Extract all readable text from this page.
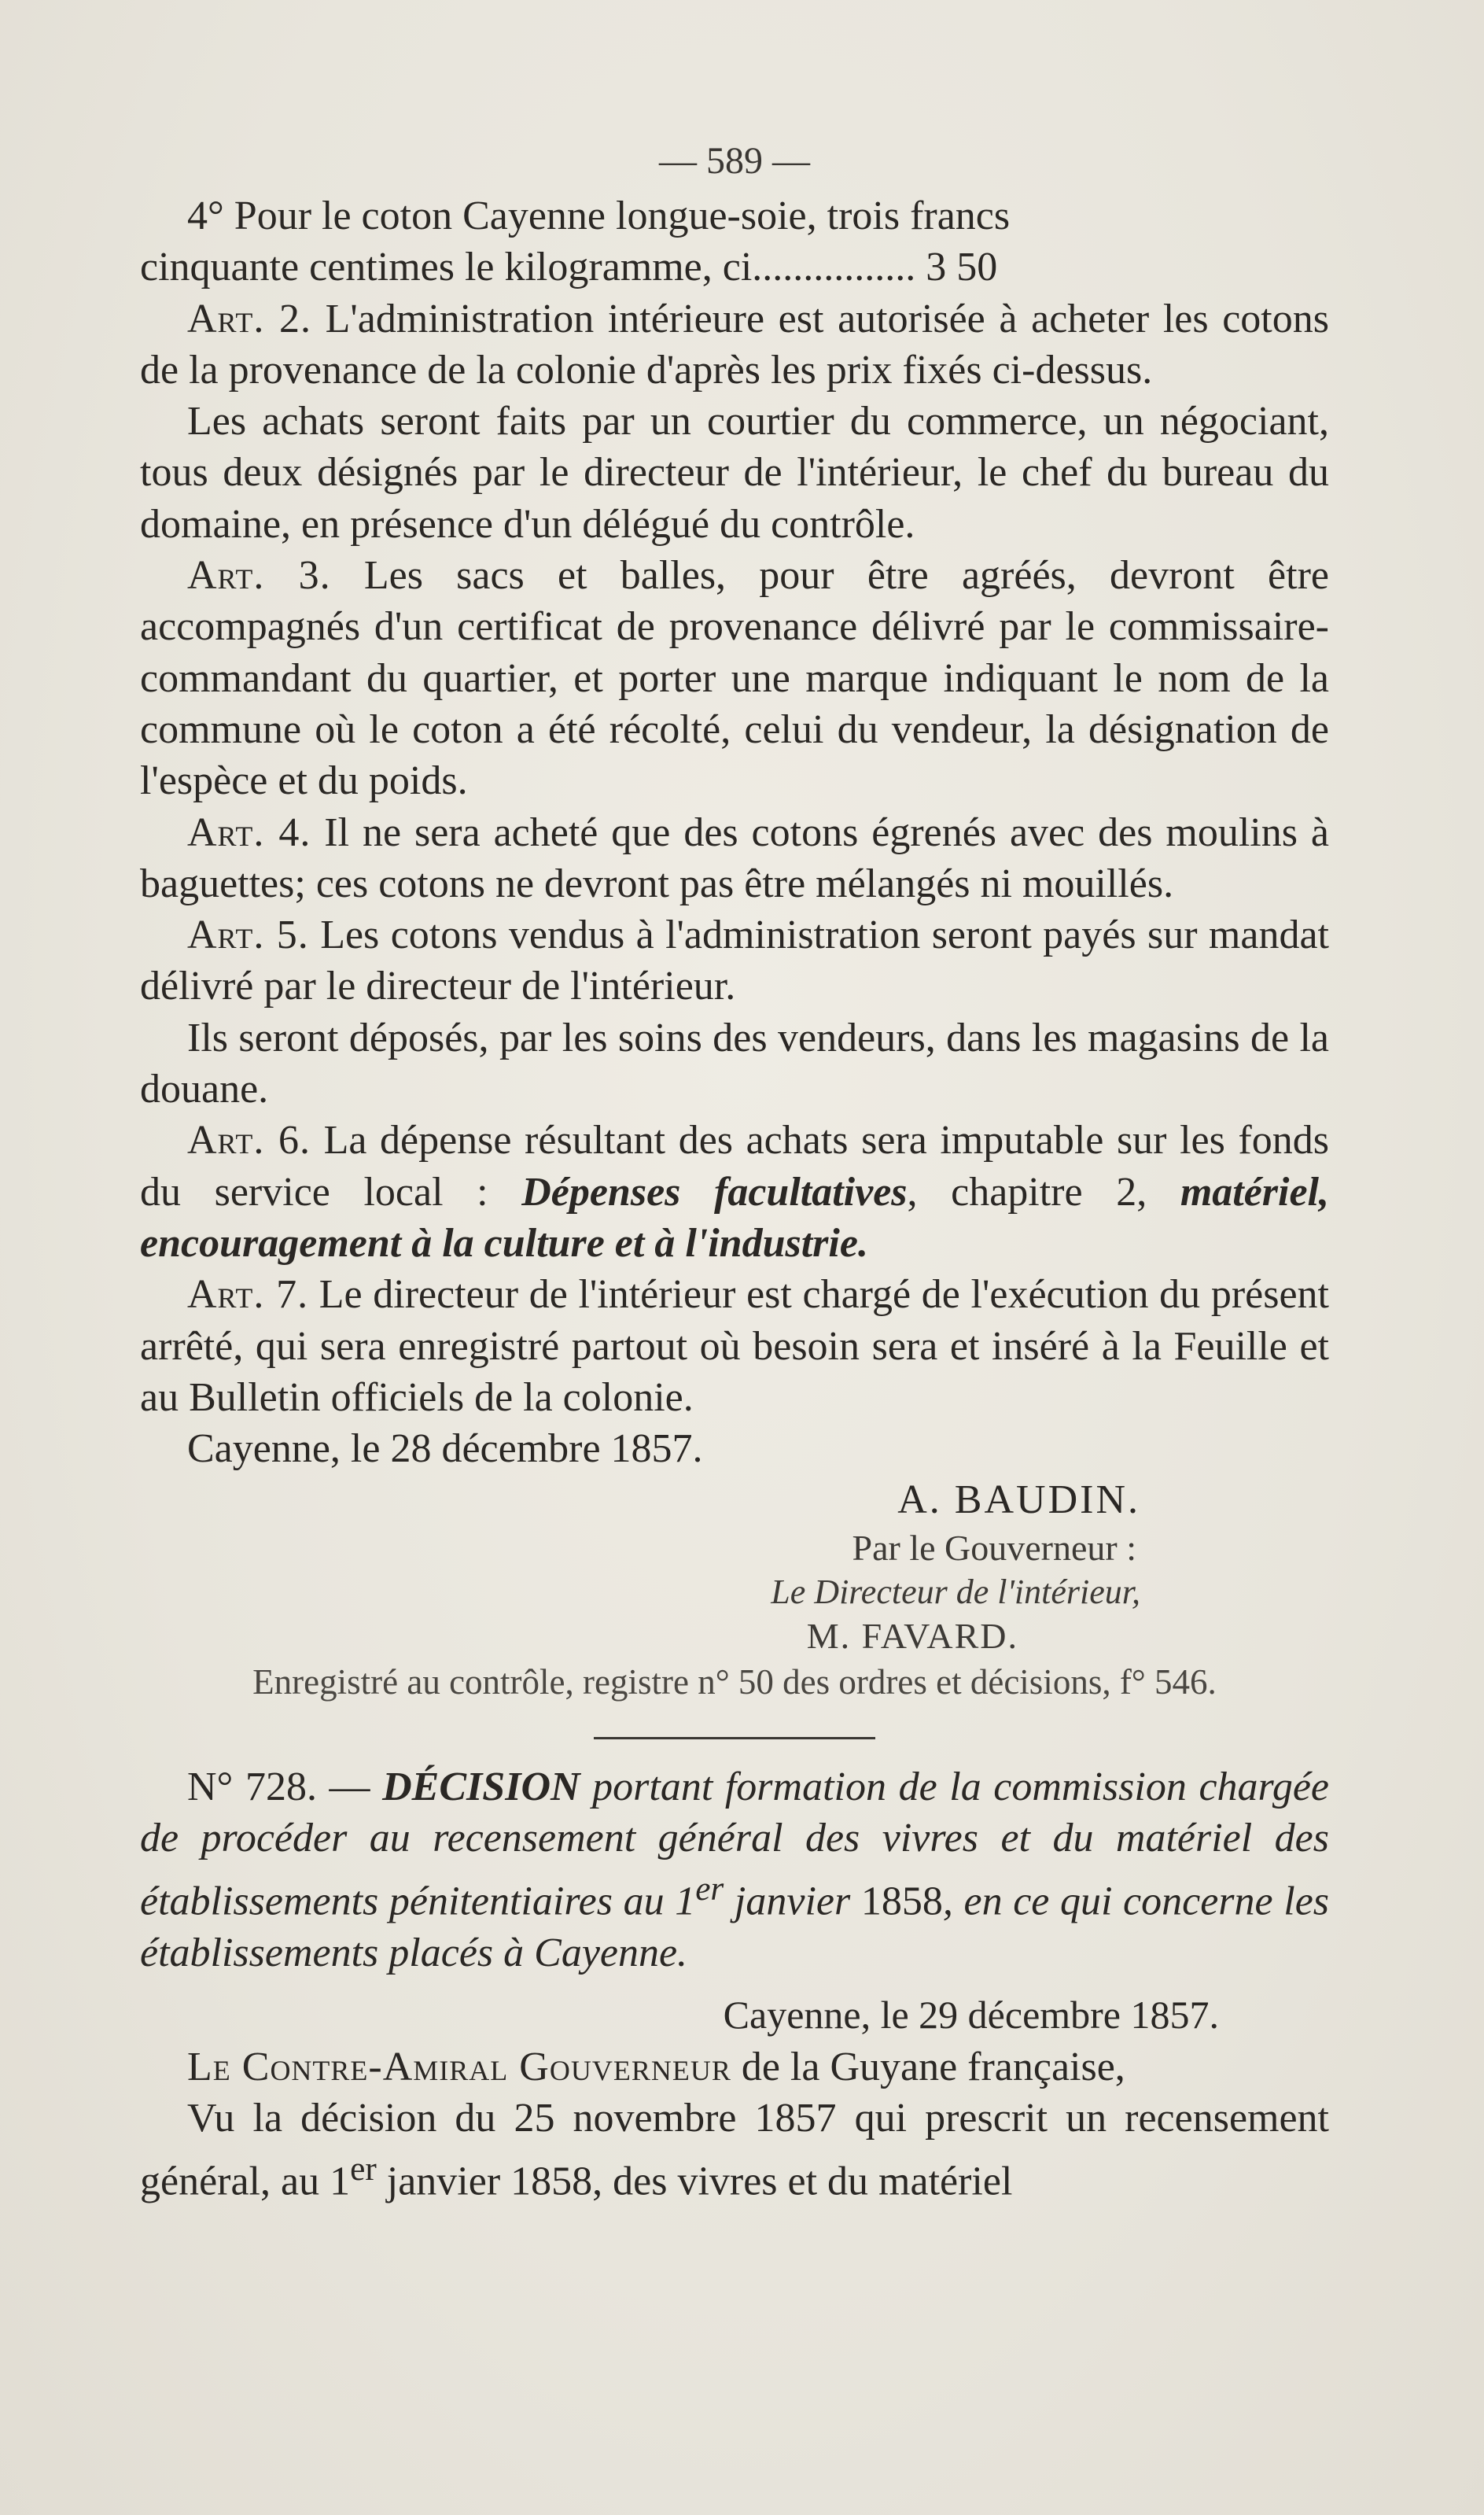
— 589 —

4° Pour le coton Cayenne longue-soie, trois francs
cinquante centimes le kilogramme, ci................ 3 50

Art. 2. L'administration intérieure est autorisée à acheter les cotons de la provenance de la colonie d'après les prix fixés ci-dessus.

Les achats seront faits par un courtier du commerce, un négociant, tous deux désignés par le directeur de l'intérieur, le chef du bureau du domaine, en présence d'un délégué du contrôle.

Art. 3. Les sacs et balles, pour être agréés, devront être accompagnés d'un certificat de provenance délivré par le commissaire-commandant du quartier, et porter une marque indiquant le nom de la commune où le coton a été récolté, celui du vendeur, la désignation de l'espèce et du poids.

Art. 4. Il ne sera acheté que des cotons égrenés avec des moulins à baguettes; ces cotons ne devront pas être mélangés ni mouillés.

Art. 5. Les cotons vendus à l'administration seront payés sur mandat délivré par le directeur de l'intérieur.

Ils seront déposés, par les soins des vendeurs, dans les magasins de la douane.

Art. 6. La dépense résultant des achats sera imputable sur les fonds du service local : Dépenses facultatives, chapitre 2, matériel, encouragement à la culture et à l'industrie.

Art. 7. Le directeur de l'intérieur est chargé de l'exécution du présent arrêté, qui sera enregistré partout où besoin sera et inséré à la Feuille et au Bulletin officiels de la colonie.

Cayenne, le 28 décembre 1857.

A. BAUDIN.

Par le Gouverneur :

Le Directeur de l'intérieur,

M. FAVARD.

Enregistré au contrôle, registre n° 50 des ordres et décisions, f° 546.

N° 728. — DÉCISION portant formation de la commission chargée de procéder au recensement général des vivres et du matériel des établissements pénitentiaires au 1er janvier 1858, en ce qui concerne les établissements placés à Cayenne.

Cayenne, le 29 décembre 1857.

Le Contre-Amiral Gouverneur de la Guyane française,

Vu la décision du 25 novembre 1857 qui prescrit un recensement général, au 1er janvier 1858, des vivres et du matériel
